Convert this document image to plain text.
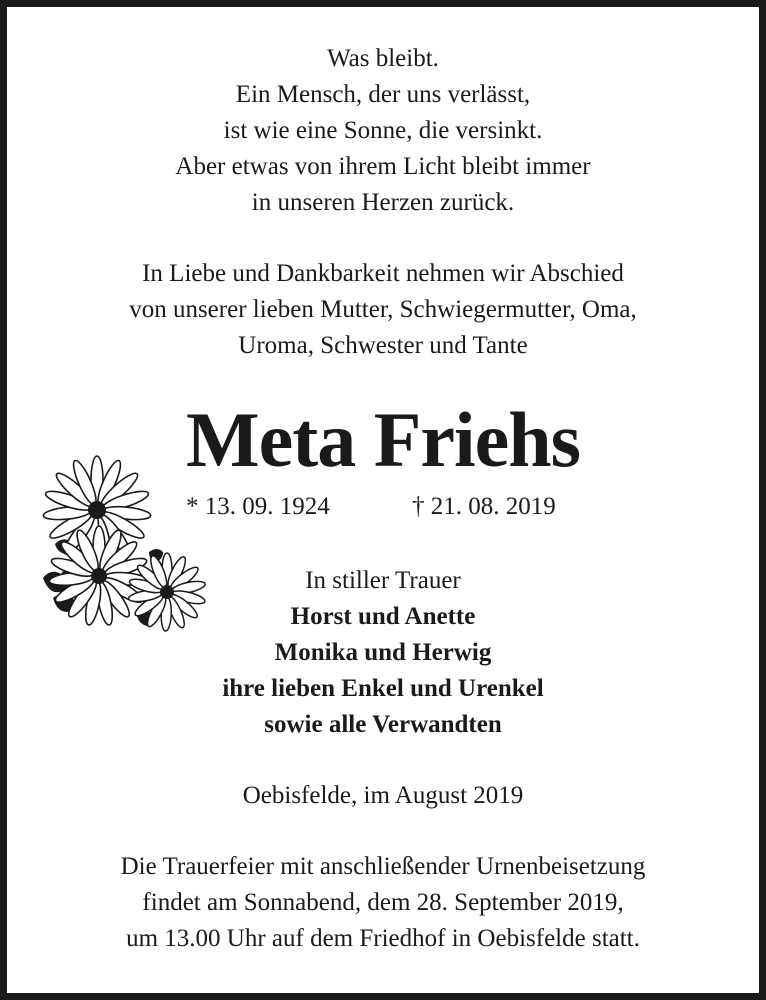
Was bleibt.
Ein Mensch, der uns verlässt,
ist wie eine Sonne, die versinkt.
Aber etwas von ihrem Licht bleibt immer
in unseren Herzen zurück.
In Liebe und Dankbarkeit nehmen wir Abschied
von unserer lieben Mutter, Schwiegermutter, Oma,
Uroma, Schwester und Tante
Meta Friehs
* 13. 09. 1924	† 21. 08. 2019
In stiller Trauer
Horst und Anette
Monika und Herwig
ihre lieben Enkel und Urenkel
sowie alle Verwandten
Oebisfelde, im August 2019
Die Trauerfeier mit anschließender Urnenbeisetzung
findet am Sonnabend, dem 28. September 2019,
um 13.00 Uhr auf dem Friedhof in Oebisfelde statt.
